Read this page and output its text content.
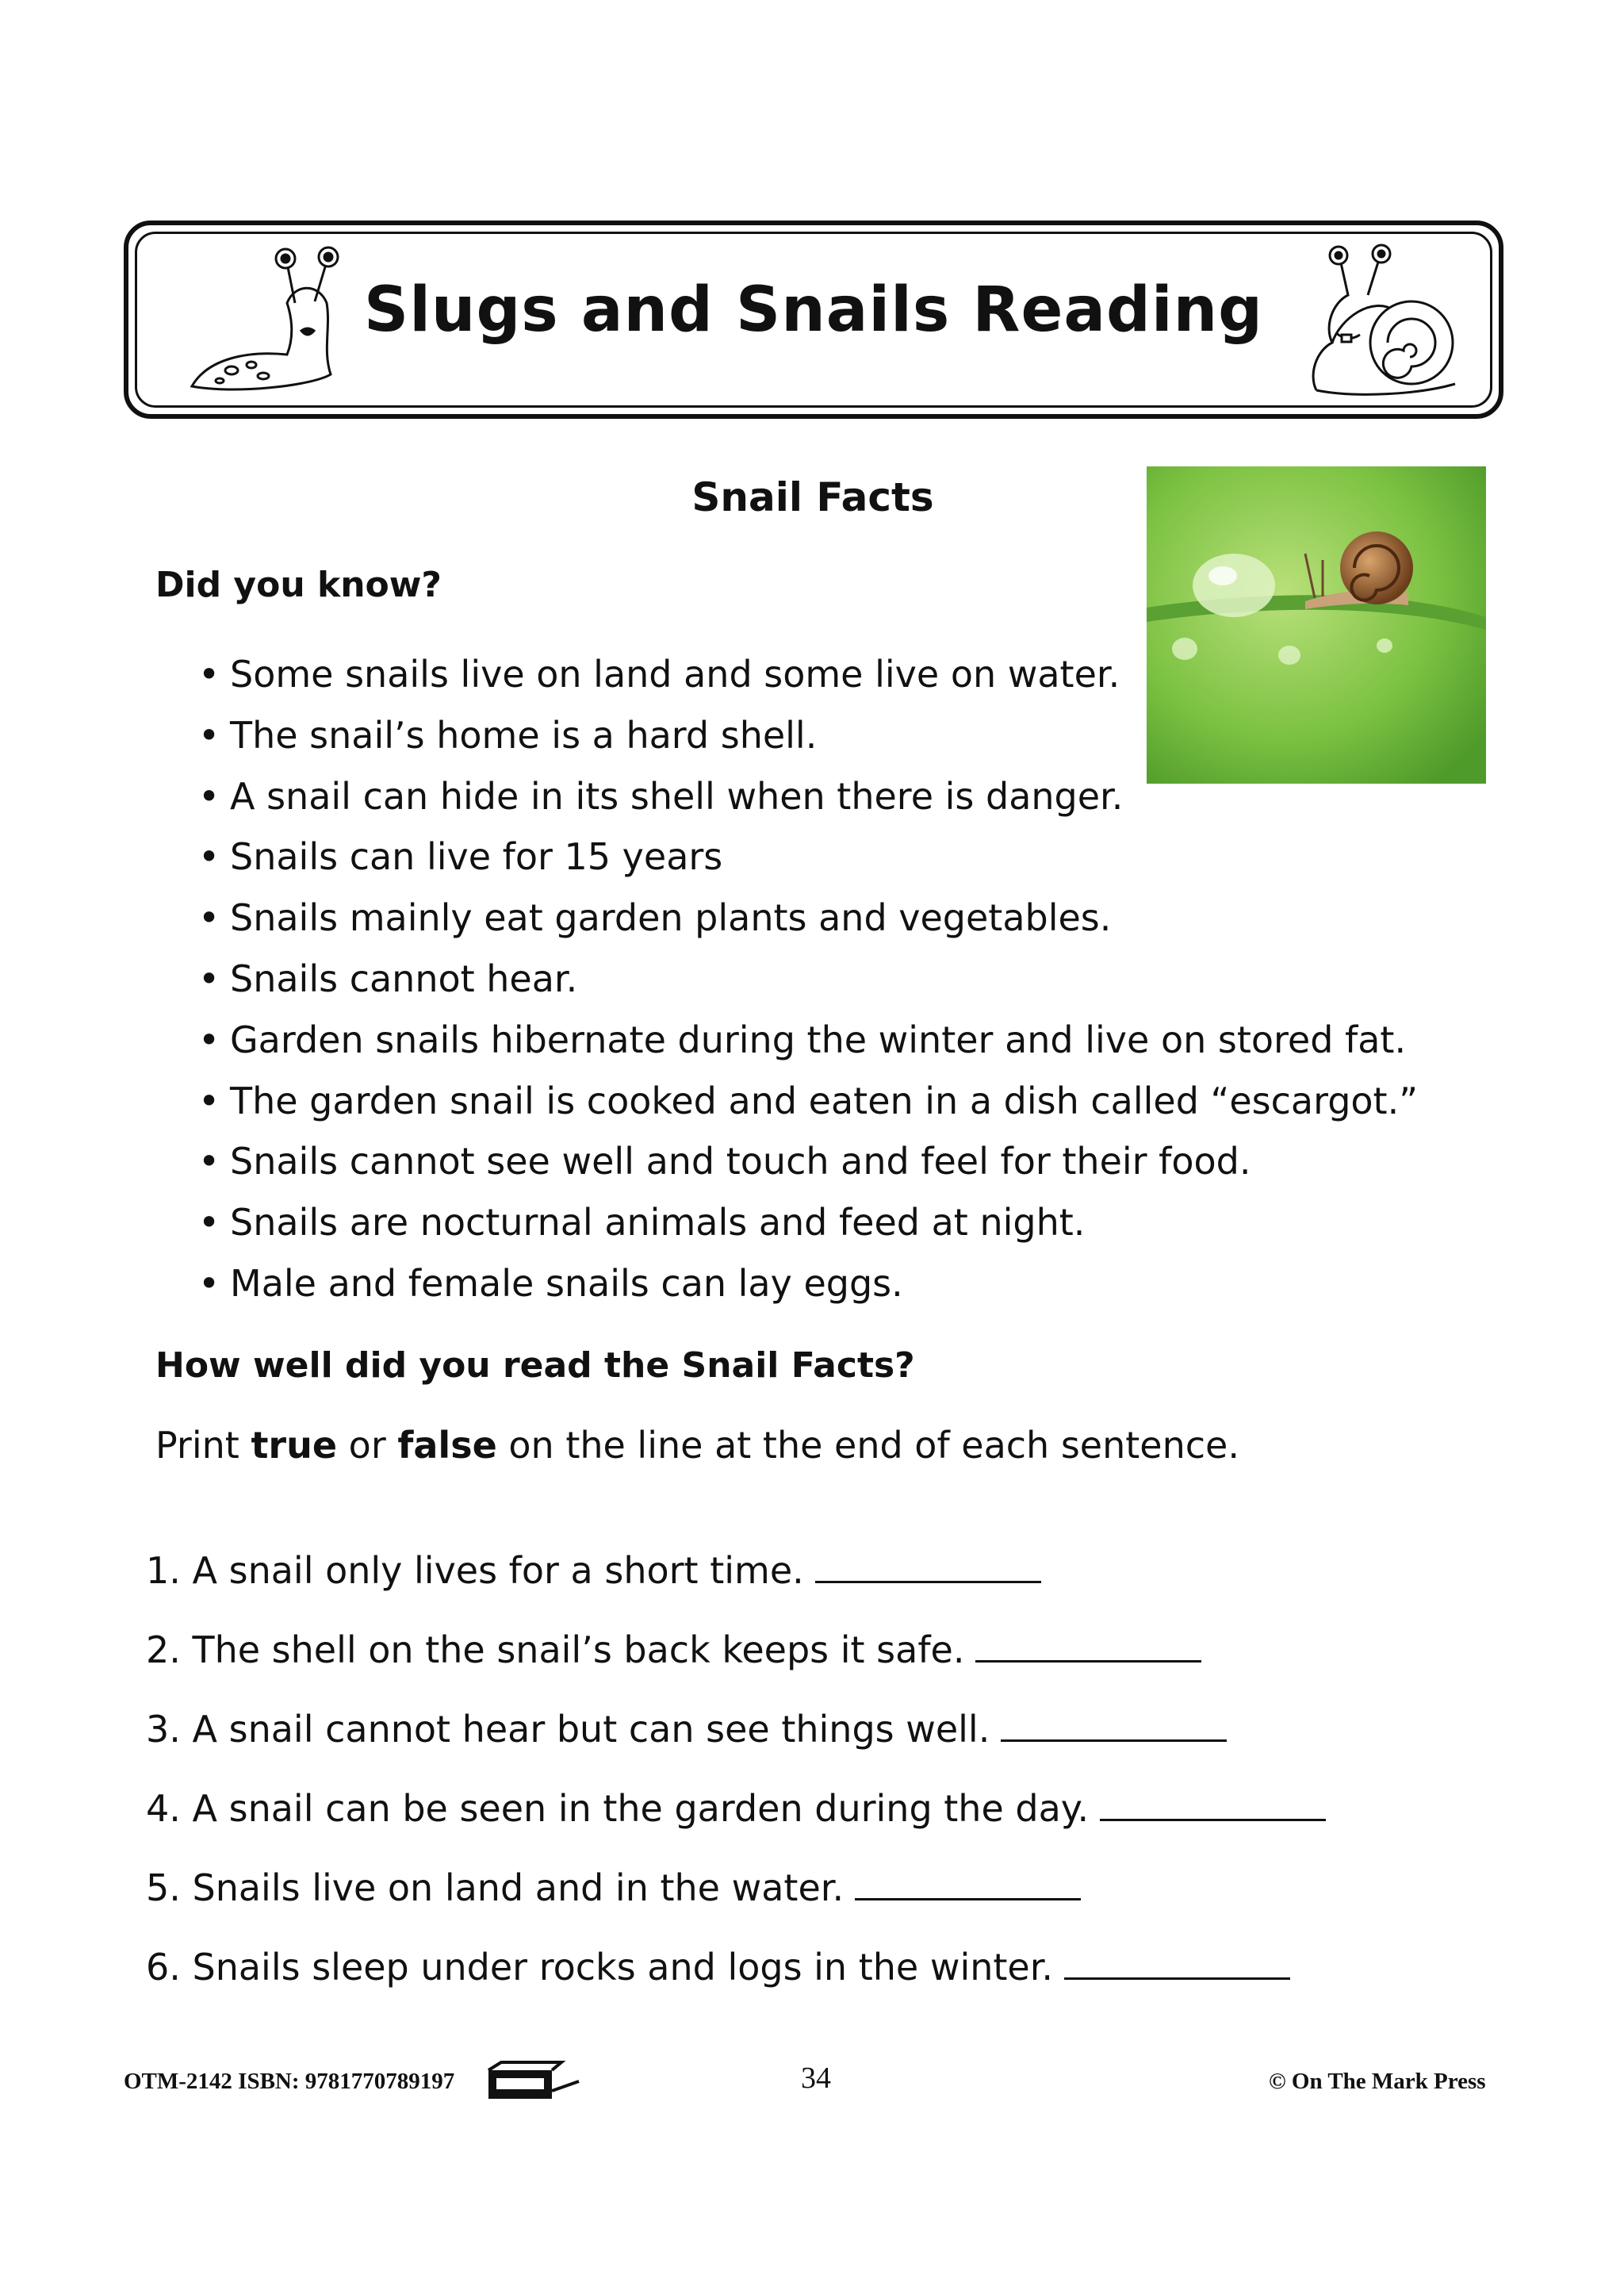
Slugs and Snails Reading
Snail Facts
Did you know?
• Some snails live on land and some live on water.
• The snail’s home is a hard shell.
• A snail can hide in its shell when there is danger.
• Snails can live for 15 years
• Snails mainly eat garden plants and vegetables.
• Snails cannot hear.
• Garden snails hibernate during the winter and live on stored fat.
• The garden snail is cooked and eaten in a dish called “escargot.”
• Snails cannot see well and touch and feel for their food.
• Snails are nocturnal animals and feed at night.
• Male and female snails can lay eggs.
How well did you read the Snail Facts?
Print true or false on the line at the end of each sentence.
1. A snail only lives for a short time.
2. The shell on the snail’s back keeps it safe.
3. A snail cannot hear but can see things well.
4. A snail can be seen in the garden during the day.
5. Snails live on land and in the water.
6. Snails sleep under rocks and logs in the winter.
OTM-2142 ISBN: 9781770789197	34	© On The Mark Press
